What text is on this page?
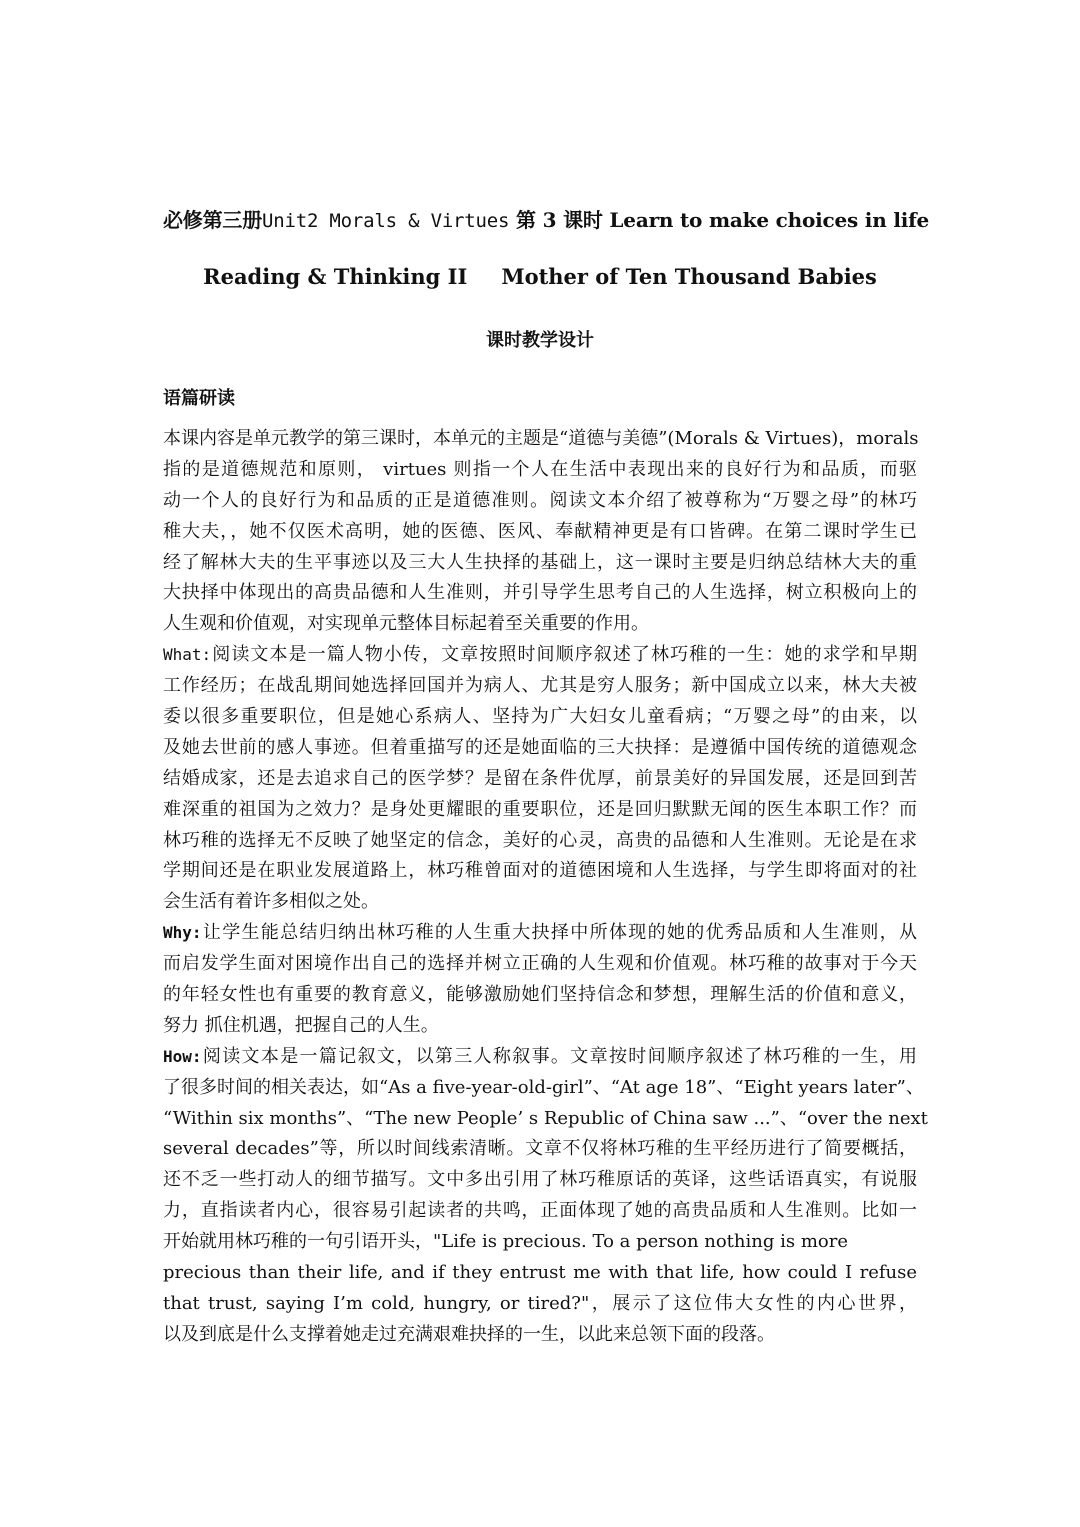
必修第三册Unit2 Morals & Virtues 第 3 课时 Learn to make choices in life
Reading & Thinking II Mother of Ten Thousand Babies
课时教学设计
语篇研读
本课内容是单元教学的第三课时，本单元的主题是“道德与美德”(Morals & Virtues)，morals
指的是道德规范和原则， virtues 则指一个人在生活中表现出来的良好行为和品质，而驱
动一个人的良好行为和品质的正是道德准则。阅读文本介绍了被尊称为“万婴之母”的林巧
稚大夫，，她不仅医术高明，她的医德、医风、奉献精神更是有口皆碑。在第二课时学生已
经了解林大夫的生平事迹以及三大人生抉择的基础上，这一课时主要是归纳总结林大夫的重
大抉择中体现出的高贵品德和人生准则，并引导学生思考自己的人生选择，树立积极向上的
人生观和价值观，对实现单元整体目标起着至关重要的作用。
What:阅读文本是一篇人物小传，文章按照时间顺序叙述了林巧稚的一生：她的求学和早期
工作经历；在战乱期间她选择回国并为病人、尤其是穷人服务；新中国成立以来，林大夫被
委以很多重要职位，但是她心系病人、坚持为广大妇女儿童看病；“万婴之母”的由来，以
及她去世前的感人事迹。但着重描写的还是她面临的三大抉择：是遵循中国传统的道德观念
结婚成家，还是去追求自己的医学梦？是留在条件优厚，前景美好的异国发展，还是回到苦
难深重的祖国为之效力？是身处更耀眼的重要职位，还是回归默默无闻的医生本职工作？而
林巧稚的选择无不反映了她坚定的信念，美好的心灵，高贵的品德和人生准则。无论是在求
学期间还是在职业发展道路上，林巧稚曾面对的道德困境和人生选择，与学生即将面对的社
会生活有着许多相似之处。
Why:让学生能总结归纳出林巧稚的人生重大抉择中所体现的她的优秀品质和人生准则，从
而启发学生面对困境作出自己的选择并树立正确的人生观和价值观。林巧稚的故事对于今天
的年轻女性也有重要的教育意义，能够激励她们坚持信念和梦想，理解生活的价值和意义，
努力 抓住机遇，把握自己的人生。
How:阅读文本是一篇记叙文，以第三人称叙事。文章按时间顺序叙述了林巧稚的一生，用
了很多时间的相关表达，如“As a five-year-old-girl”、“At age 18”、“Eight years later”、
“Within six months”、“The new People’ s Republic of China saw ...”、“over the next
several decades”等，所以时间线索清晰。文章不仅将林巧稚的生平经历进行了简要概括，
还不乏一些打动人的细节描写。文中多出引用了林巧稚原话的英译，这些话语真实，有说服
力，直指读者内心，很容易引起读者的共鸣，正面体现了她的高贵品质和人生准则。比如一
开始就用林巧稚的一句引语开头，"Life is precious. To a person nothing is more
precious than their life, and if they entrust me with that life, how could I refuse
that trust, saying I’m cold, hungry, or tired?"，展示了这位伟大女性的内心世界，
以及到底是什么支撑着她走过充满艰难抉择的一生，以此来总领下面的段落。
